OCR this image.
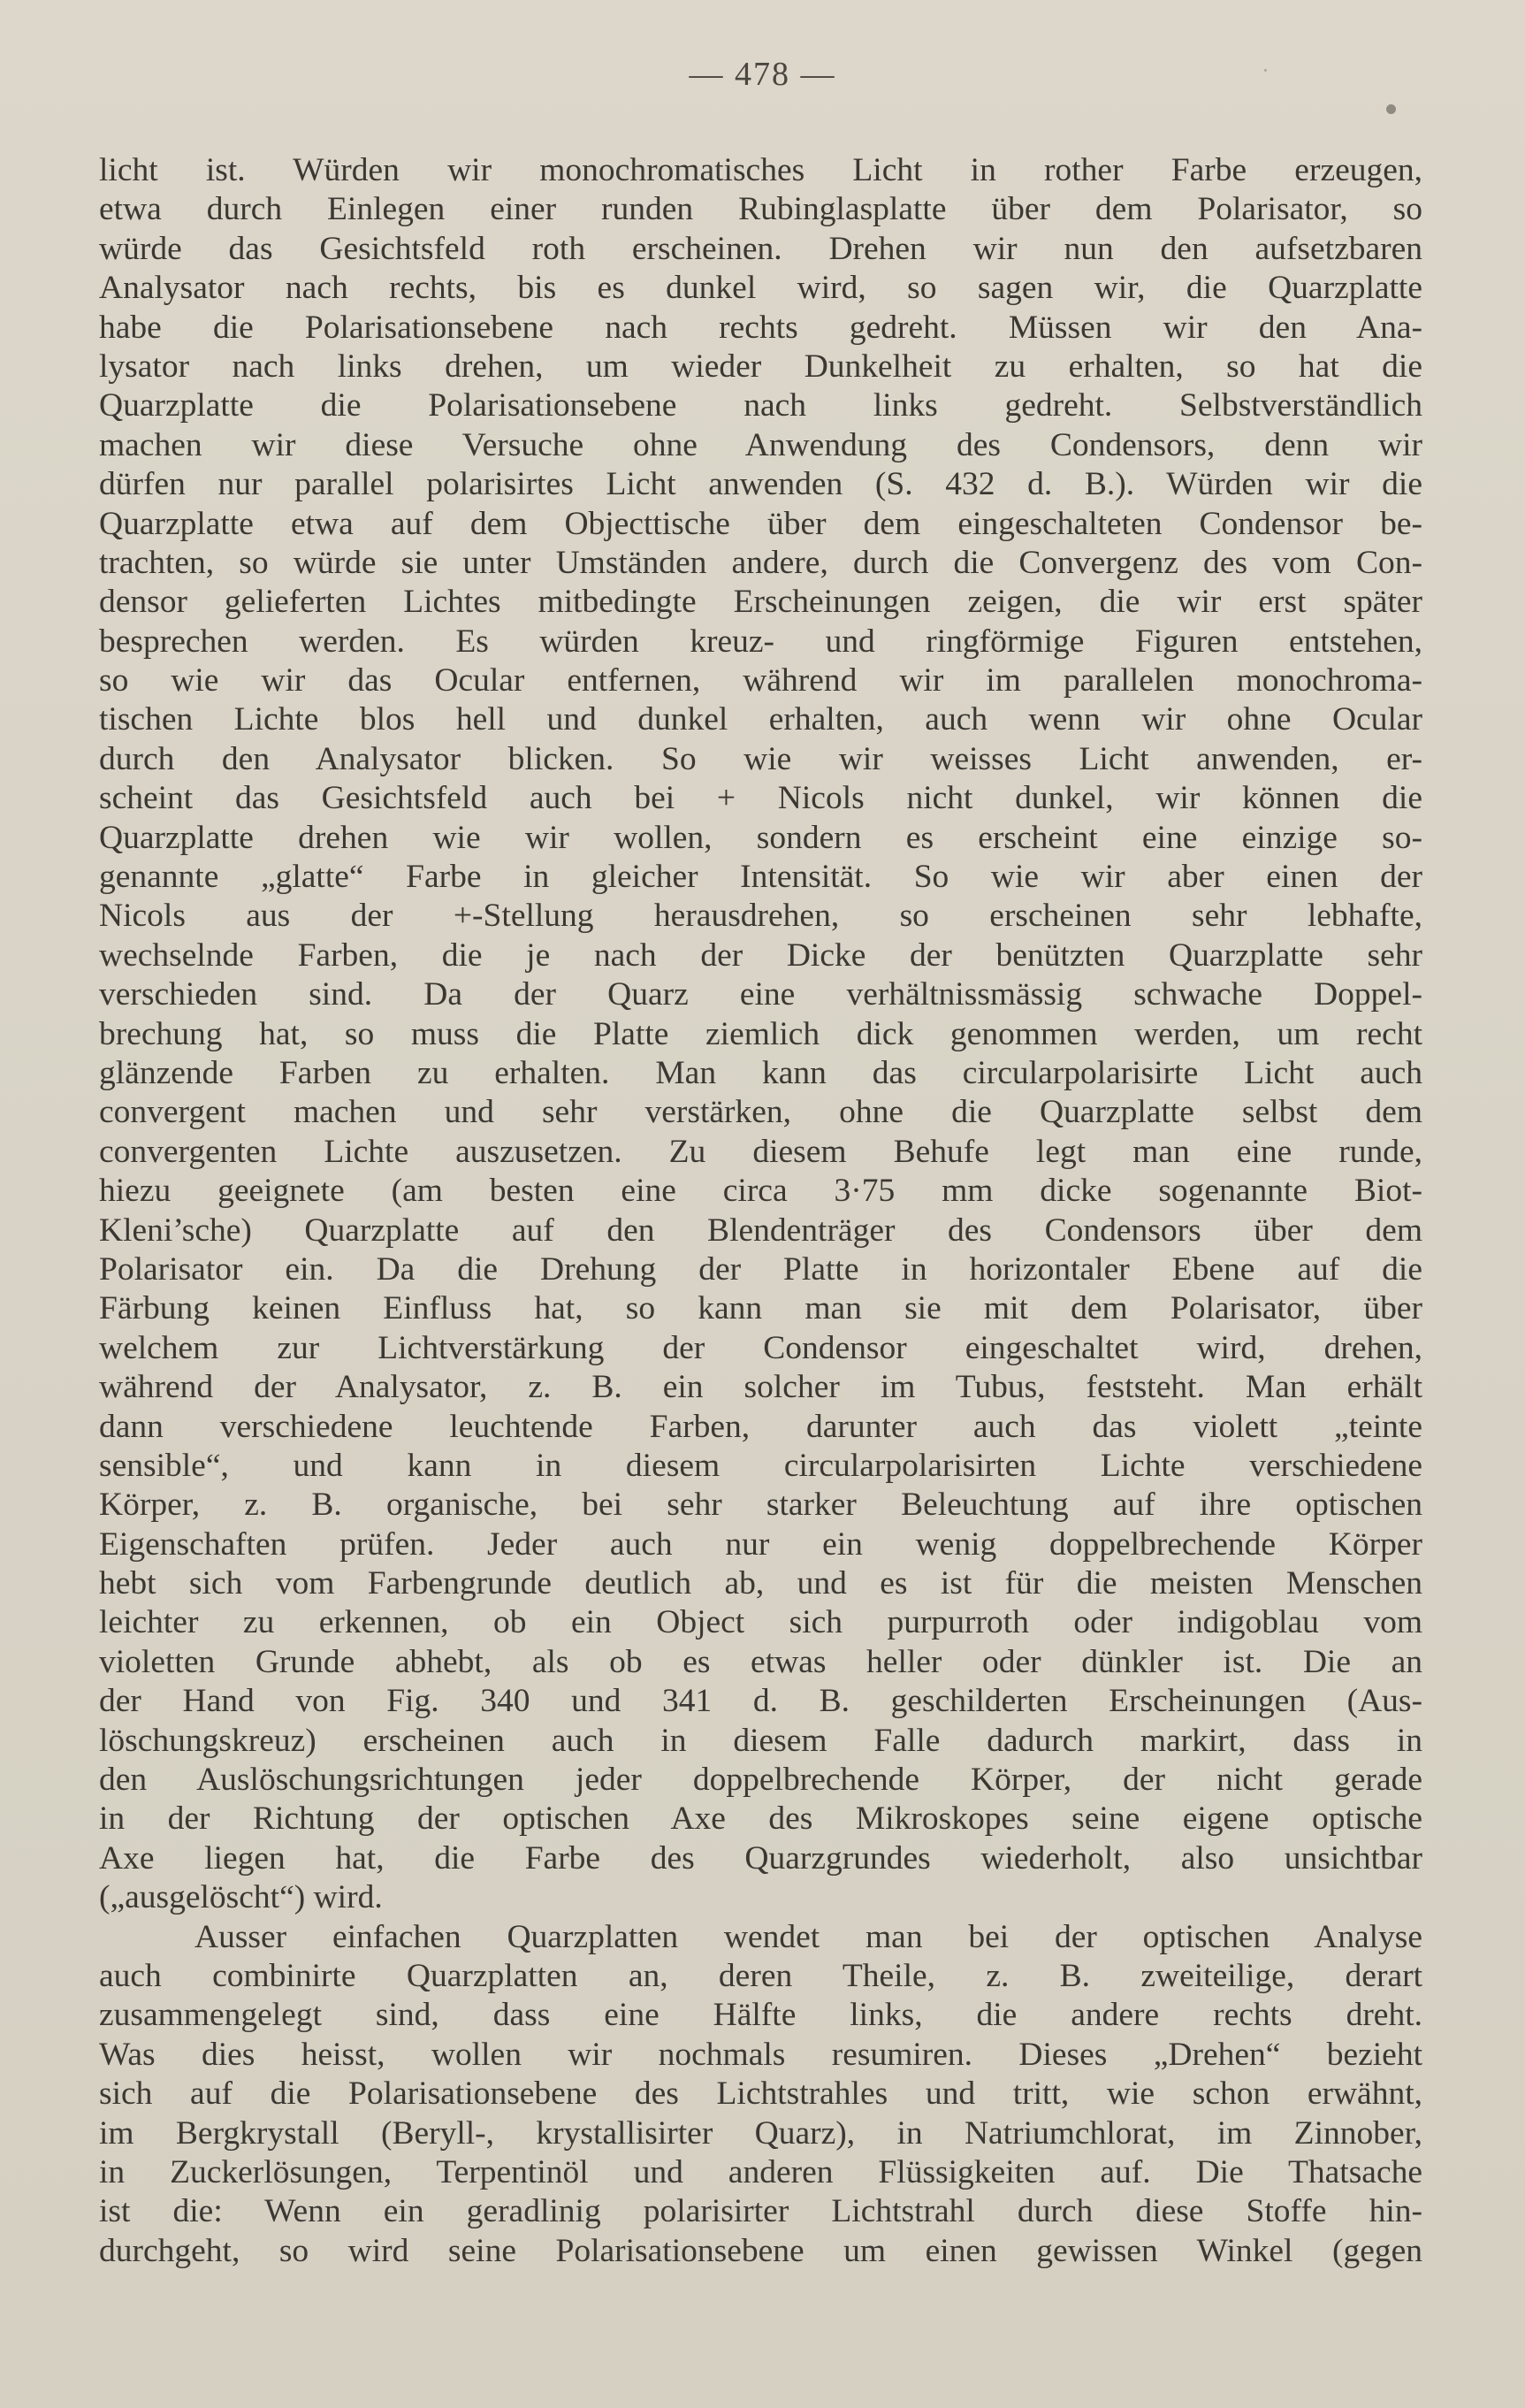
— 478 —
licht ist. Würden wir monochromatisches Licht in rother Farbe erzeugen,
etwa durch Einlegen einer runden Rubinglasplatte über dem Polarisator, so
würde das Gesichtsfeld roth erscheinen. Drehen wir nun den aufsetzbaren
Analysator nach rechts, bis es dunkel wird, so sagen wir, die Quarzplatte
habe die Polarisationsebene nach rechts gedreht. Müssen wir den Ana-
lysator nach links drehen, um wieder Dunkelheit zu erhalten, so hat die
Quarzplatte die Polarisationsebene nach links gedreht. Selbstverständlich
machen wir diese Versuche ohne Anwendung des Condensors, denn wir
dürfen nur parallel polarisirtes Licht anwenden (S. 432 d. B.). Würden wir die
Quarzplatte etwa auf dem Objecttische über dem eingeschalteten Condensor be-
trachten, so würde sie unter Umständen andere, durch die Convergenz des vom Con-
densor gelieferten Lichtes mitbedingte Erscheinungen zeigen, die wir erst später
besprechen werden. Es würden kreuz- und ringförmige Figuren entstehen,
so wie wir das Ocular entfernen, während wir im parallelen monochroma-
tischen Lichte blos hell und dunkel erhalten, auch wenn wir ohne Ocular
durch den Analysator blicken. So wie wir weisses Licht anwenden, er-
scheint das Gesichtsfeld auch bei + Nicols nicht dunkel, wir können die
Quarzplatte drehen wie wir wollen, sondern es erscheint eine einzige so-
genannte „glatte“ Farbe in gleicher Intensität. So wie wir aber einen der
Nicols aus der +-Stellung herausdrehen, so erscheinen sehr lebhafte,
wechselnde Farben, die je nach der Dicke der benützten Quarzplatte sehr
verschieden sind. Da der Quarz eine verhältnissmässig schwache Doppel-
brechung hat, so muss die Platte ziemlich dick genommen werden, um recht
glänzende Farben zu erhalten. Man kann das circularpolarisirte Licht auch
convergent machen und sehr verstärken, ohne die Quarzplatte selbst dem
convergenten Lichte auszusetzen. Zu diesem Behufe legt man eine runde,
hiezu geeignete (am besten eine circa 3·75 mm dicke sogenannte Biot-
Kleni’sche) Quarzplatte auf den Blendenträger des Condensors über dem
Polarisator ein. Da die Drehung der Platte in horizontaler Ebene auf die
Färbung keinen Einfluss hat, so kann man sie mit dem Polarisator, über
welchem zur Lichtverstärkung der Condensor eingeschaltet wird, drehen,
während der Analysator, z. B. ein solcher im Tubus, feststeht. Man erhält
dann verschiedene leuchtende Farben, darunter auch das violett „teinte
sensible“, und kann in diesem circularpolarisirten Lichte verschiedene
Körper, z. B. organische, bei sehr starker Beleuchtung auf ihre optischen
Eigenschaften prüfen. Jeder auch nur ein wenig doppelbrechende Körper
hebt sich vom Farbengrunde deutlich ab, und es ist für die meisten Menschen
leichter zu erkennen, ob ein Object sich purpurroth oder indigoblau vom
violetten Grunde abhebt, als ob es etwas heller oder dünkler ist. Die an
der Hand von Fig. 340 und 341 d. B. geschilderten Erscheinungen (Aus-
löschungskreuz) erscheinen auch in diesem Falle dadurch markirt, dass in
den Auslöschungsrichtungen jeder doppelbrechende Körper, der nicht gerade
in der Richtung der optischen Axe des Mikroskopes seine eigene optische
Axe liegen hat, die Farbe des Quarzgrundes wiederholt, also unsichtbar
(„ausgelöscht“) wird.
Ausser einfachen Quarzplatten wendet man bei der optischen Analyse
auch combinirte Quarzplatten an, deren Theile, z. B. zweiteilige, derart
zusammengelegt sind, dass eine Hälfte links, die andere rechts dreht.
Was dies heisst, wollen wir nochmals resumiren. Dieses „Drehen“ bezieht
sich auf die Polarisationsebene des Lichtstrahles und tritt, wie schon erwähnt,
im Bergkrystall (Beryll-, krystallisirter Quarz), in Natriumchlorat, im Zinnober,
in Zuckerlösungen, Terpentinöl und anderen Flüssigkeiten auf. Die Thatsache
ist die: Wenn ein geradlinig polarisirter Lichtstrahl durch diese Stoffe hin-
durchgeht, so wird seine Polarisationsebene um einen gewissen Winkel (gegen
